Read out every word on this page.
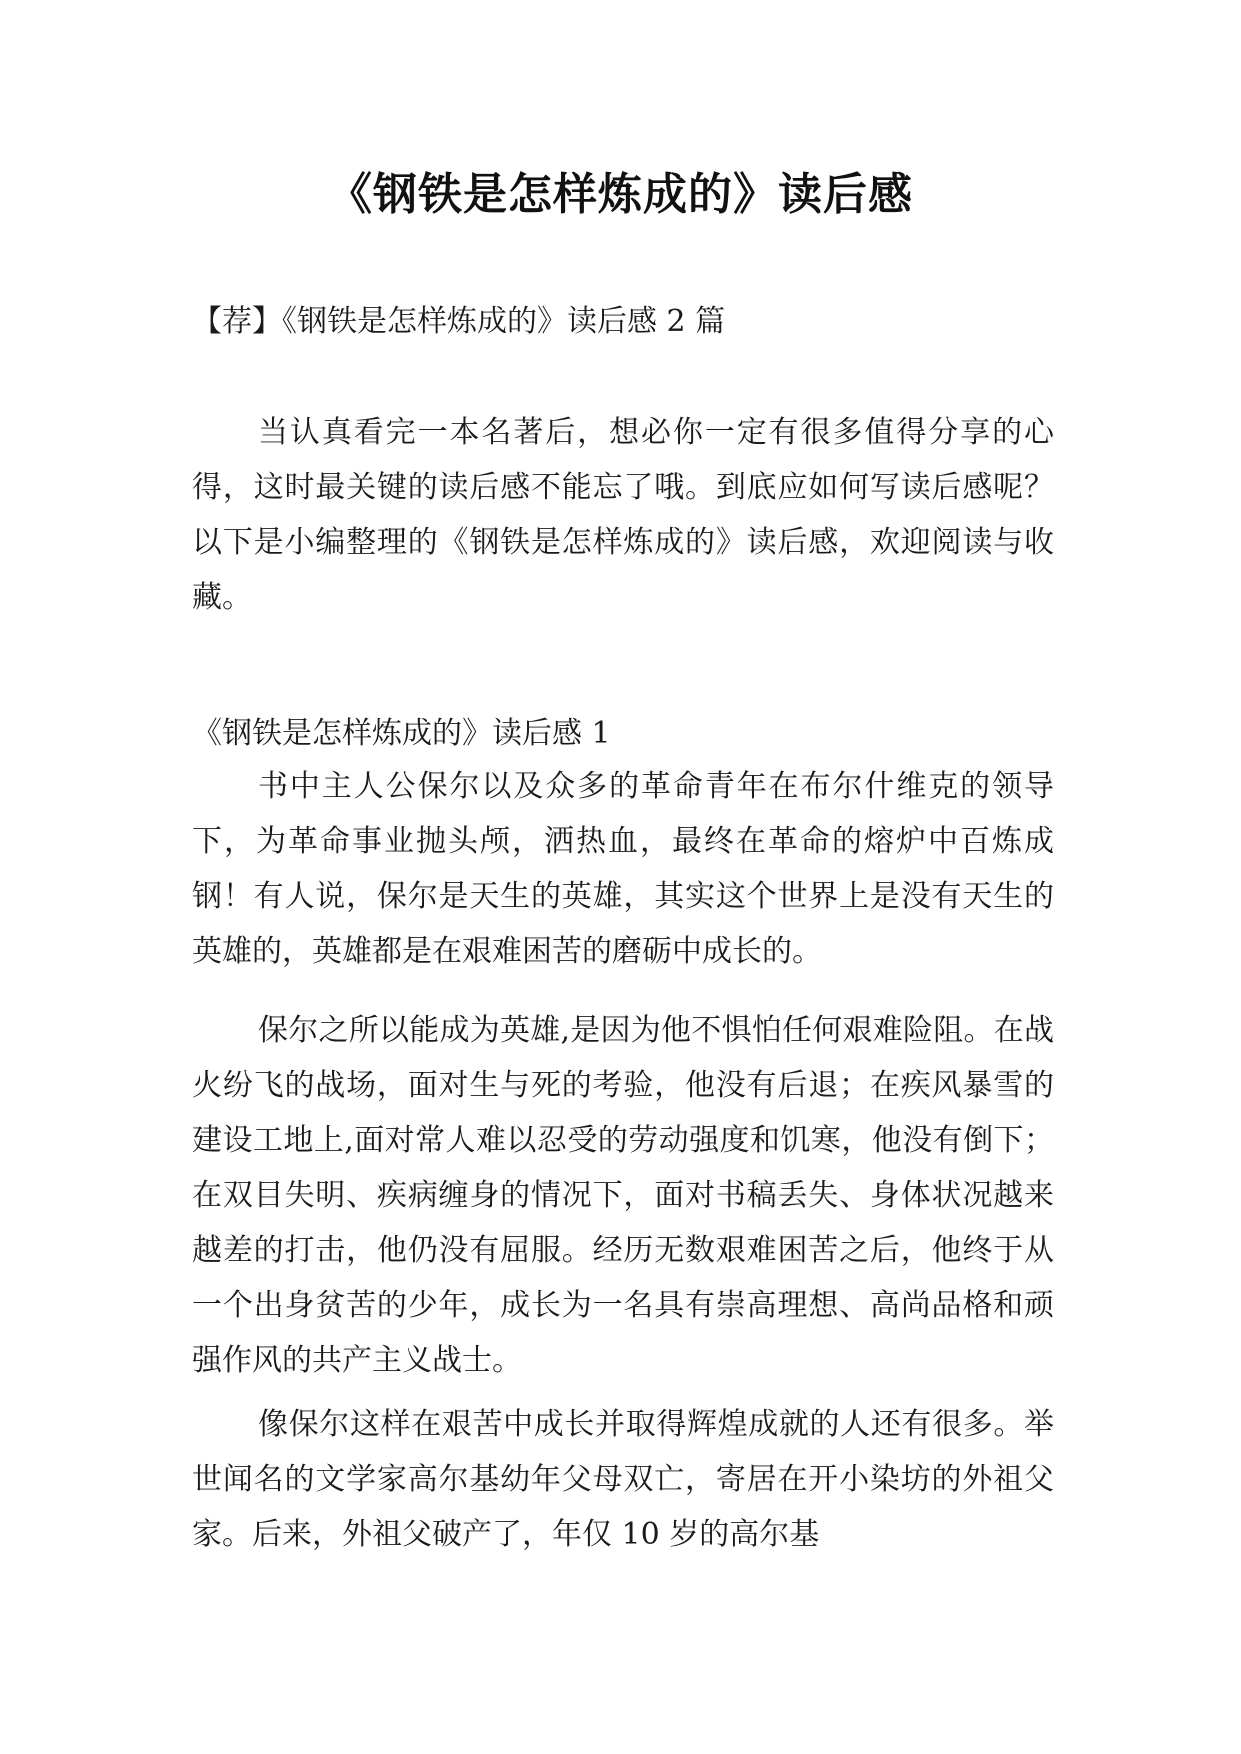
《钢铁是怎样炼成的》读后感

【荐】《钢铁是怎样炼成的》读后感 2 篇

当认真看完一本名著后，想必你一定有很多值得分享的心得，这时最关键的读后感不能忘了哦。到底应如何写读后感呢？以下是小编整理的《钢铁是怎样炼成的》读后感，欢迎阅读与收藏。

《钢铁是怎样炼成的》读后感 1

书中主人公保尔以及众多的革命青年在布尔什维克的领导下，为革命事业抛头颅，洒热血，最终在革命的熔炉中百炼成钢！有人说，保尔是天生的英雄，其实这个世界上是没有天生的英雄的，英雄都是在艰难困苦的磨砺中成长的。

保尔之所以能成为英雄,是因为他不惧怕任何艰难险阻。在战火纷飞的战场，面对生与死的考验，他没有后退；在疾风暴雪的建设工地上,面对常人难以忍受的劳动强度和饥寒，他没有倒下；在双目失明、疾病缠身的情况下，面对书稿丢失、身体状况越来越差的打击，他仍没有屈服。经历无数艰难困苦之后，他终于从一个出身贫苦的少年，成长为一名具有崇高理想、高尚品格和顽强作风的共产主义战士。

像保尔这样在艰苦中成长并取得辉煌成就的人还有很多。举世闻名的文学家高尔基幼年父母双亡，寄居在开小染坊的外祖父家。后来，外祖父破产了，年仅 10 岁的高尔基
